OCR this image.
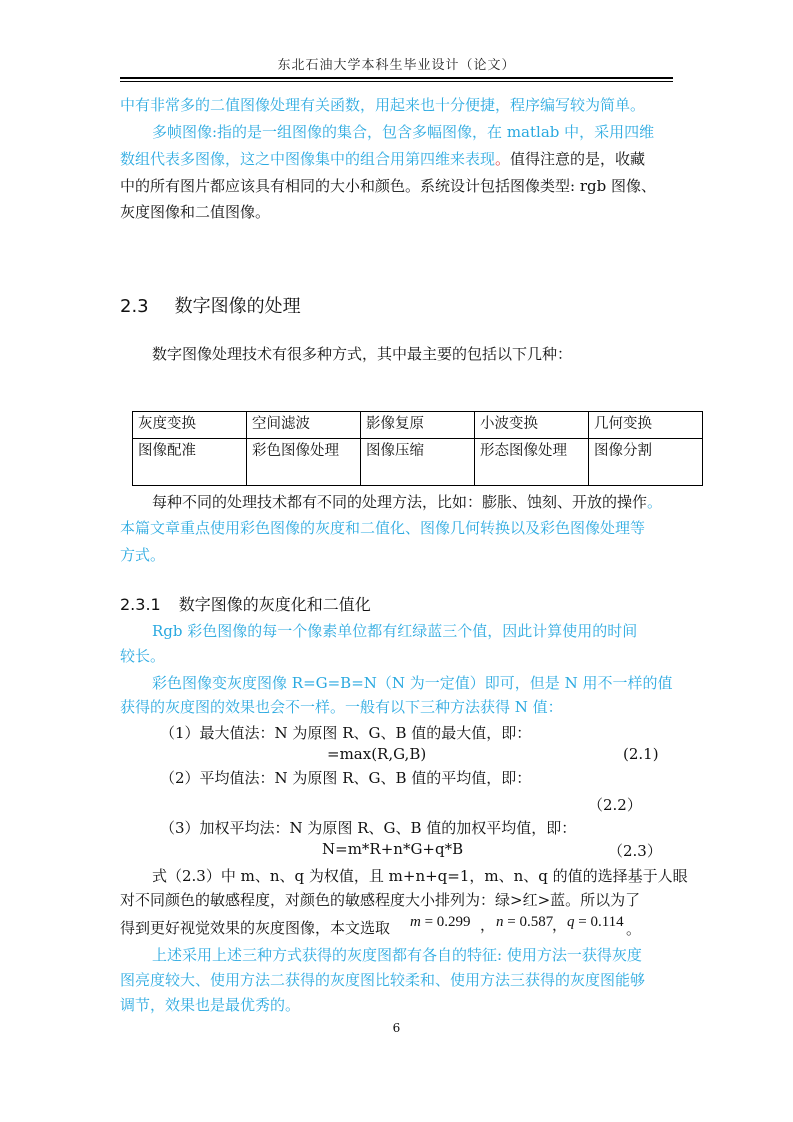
东北石油大学本科生毕业设计（论文）
中有非常多的二值图像处理有关函数，用起来也十分便捷，程序编写较为简单。
多帧图像:指的是一组图像的集合，包含多幅图像，在 matlab 中，采用四维
数组代表多图像，这之中图像集中的组合用第四维来表现。值得注意的是，收藏
中的所有图片都应该具有相同的大小和颜色。系统设计包括图像类型: rgb 图像、
灰度图像和二值图像。
2.3 数字图像的处理
数字图像处理技术有很多种方式，其中最主要的包括以下几种：
灰度变换	空间滤波	影像复原	小波变换	几何变换
图像配准	彩色图像处理	图像压缩	形态图像处理	图像分割
每种不同的处理技术都有不同的处理方法，比如：膨胀、蚀刻、开放的操作。
本篇文章重点使用彩色图像的灰度和二值化、图像几何转换以及彩色图像处理等
方式。
2.3.1 数字图像的灰度化和二值化
Rgb 彩色图像的每一个像素单位都有红绿蓝三个值，因此计算使用的时间
较长。
彩色图像变灰度图像 R=G=B=N（N 为一定值）即可，但是 N 用不一样的值
获得的灰度图的效果也会不一样。一般有以下三种方法获得 N 值：
（1）最大值法：N 为原图 R、G、B 值的最大值，即：
=max(R,G,B)	(2.1)
（2）平均值法：N 为原图 R、G、B 值的平均值，即：
（2.2）
（3）加权平均法：N 为原图 R、G、B 值的加权平均值，即：
N=m*R+n*G+q*B	（2.3）
式（2.3）中 m、n、q 为权值，且 m+n+q=1，m、n、q 的值的选择基于人眼
对不同颜色的敏感程度，对颜色的敏感程度大小排列为：绿>红>蓝。所以为了
得到更好视觉效果的灰度图像，本文选取	m = 0.299 ， n = 0.587
， q = 0.114 。
上述采用上述三种方式获得的灰度图都有各自的特征: 使用方法一获得灰度
图亮度较大、使用方法二获得的灰度图比较柔和、使用方法三获得的灰度图能够
调节，效果也是最优秀的。
6
